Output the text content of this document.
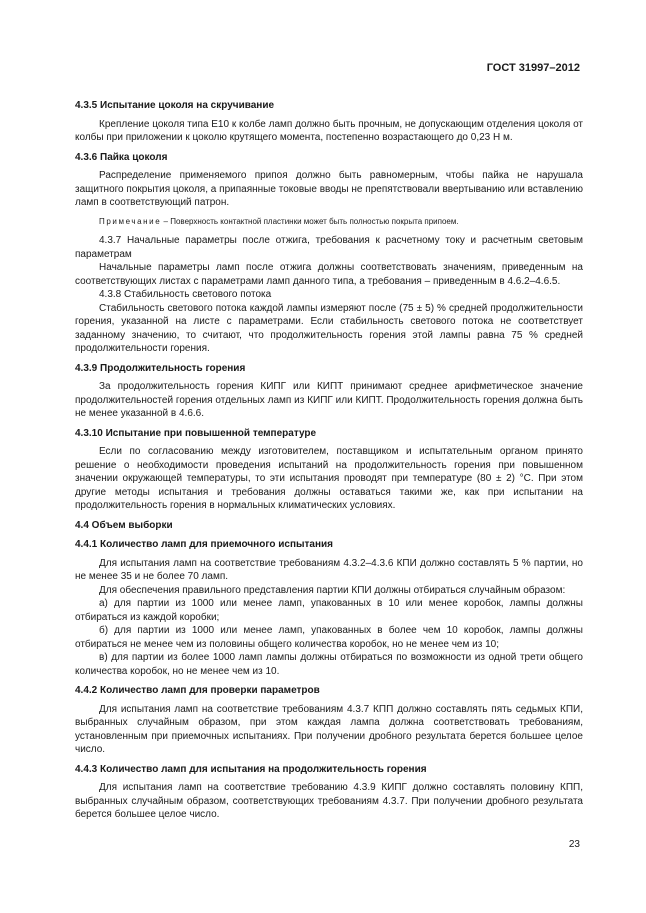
ГОСТ 31997–2012
4.3.5 Испытание цоколя на скручивание
Крепление цоколя типа E10 к колбе ламп должно быть прочным, не допускающим отделения цоколя от колбы при приложении к цоколю крутящего момента, постепенно возрастающего до 0,23 Н м.
4.3.6 Пайка цоколя
Распределение применяемого припоя должно быть равномерным, чтобы пайка не нарушала защитного покрытия цоколя, а припаянные токовые вводы не препятствовали ввертыванию или вставлению ламп в соответствующий патрон.
Примечание – Поверхность контактной пластинки может быть полностью покрыта припоем.
4.3.7 Начальные параметры после отжига, требования к расчетному току и расчетным световым параметрам
Начальные параметры ламп после отжига должны соответствовать значениям, приведенным на соответствующих листах с параметрами ламп данного типа, а требования – приведенным в 4.6.2–4.6.5.
4.3.8 Стабильность светового потока
Стабильность светового потока каждой лампы измеряют после (75 ± 5) % средней продолжительности горения, указанной на листе с параметрами. Если стабильность светового потока не соответствует заданному значению, то считают, что продолжительность горения этой лампы равна 75 % средней продолжительности горения.
4.3.9 Продолжительность горения
За продолжительность горения КИПГ или КИПТ принимают среднее арифметическое значение продолжительностей горения отдельных ламп из КИПГ или КИПТ. Продолжительность горения должна быть не менее указанной в 4.6.6.
4.3.10 Испытание при повышенной температуре
Если по согласованию между изготовителем, поставщиком и испытательным органом принято решение о необходимости проведения испытаний на продолжительность горения при повышенном значении окружающей температуры, то эти испытания проводят при температуре (80 ± 2) °C. При этом другие методы испытания и требования должны оставаться такими же, как при испытании на продолжительность горения в нормальных климатических условиях.
4.4 Объем выборки
4.4.1 Количество ламп для приемочного испытания
Для испытания ламп на соответствие требованиям 4.3.2–4.3.6 КПИ должно составлять 5 % партии, но не менее 35 и не более 70 ламп.
Для обеспечения правильного представления партии КПИ должны отбираться случайным образом:
а) для партии из 1000 или менее ламп, упакованных в 10 или менее коробок, лампы должны отбираться из каждой коробки;
б) для партии из 1000 или менее ламп, упакованных в более чем 10 коробок, лампы должны отбираться не менее чем из половины общего количества коробок, но не менее чем из 10;
в) для партии из более 1000 ламп лампы должны отбираться по возможности из одной трети общего количества коробок, но не менее чем из 10.
4.4.2 Количество ламп для проверки параметров
Для испытания ламп на соответствие требованиям 4.3.7 КПП должно составлять пять седьмых КПИ, выбранных случайным образом, при этом каждая лампа должна соответствовать требованиям, установленным при приемочных испытаниях. При получении дробного результата берется большее целое число.
4.4.3 Количество ламп для испытания на продолжительность горения
Для испытания ламп на соответствие требованию 4.3.9 КИПГ должно составлять половину КПП, выбранных случайным образом, соответствующих требованиям 4.3.7. При получении дробного результата берется большее целое число.
23
